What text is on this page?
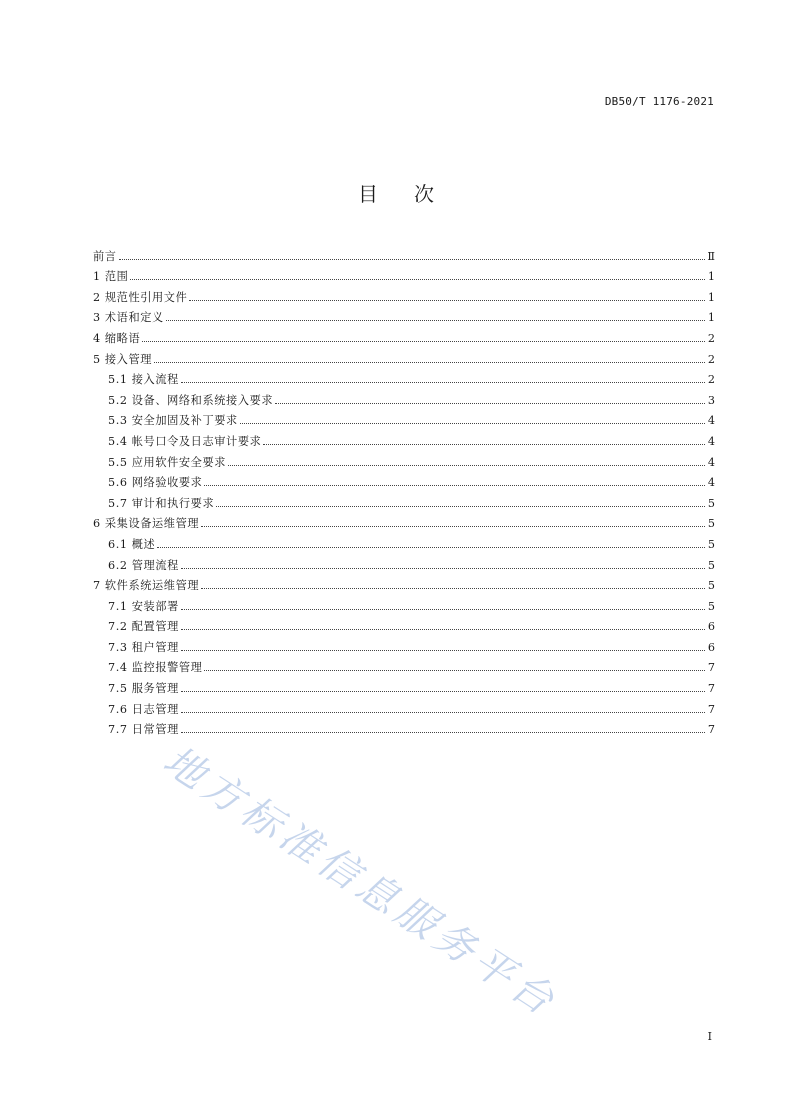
DB50/T 1176-2021
目 次
前言	Ⅱ
1 范围	1
2 规范性引用文件	1
3 术语和定义	1
4 缩略语	2
5 接入管理	2
5.1 接入流程	2
5.2 设备、网络和系统接入要求	3
5.3 安全加固及补丁要求	4
5.4 帐号口令及日志审计要求	4
5.5 应用软件安全要求	4
5.6 网络验收要求	4
5.7 审计和执行要求	5
6 采集设备运维管理	5
6.1 概述	5
6.2 管理流程	5
7 软件系统运维管理	5
7.1 安装部署	5
7.2 配置管理	6
7.3 租户管理	6
7.4 监控报警管理	7
7.5 服务管理	7
7.6 日志管理	7
7.7 日常管理	7
地方标准信息服务平台
I
